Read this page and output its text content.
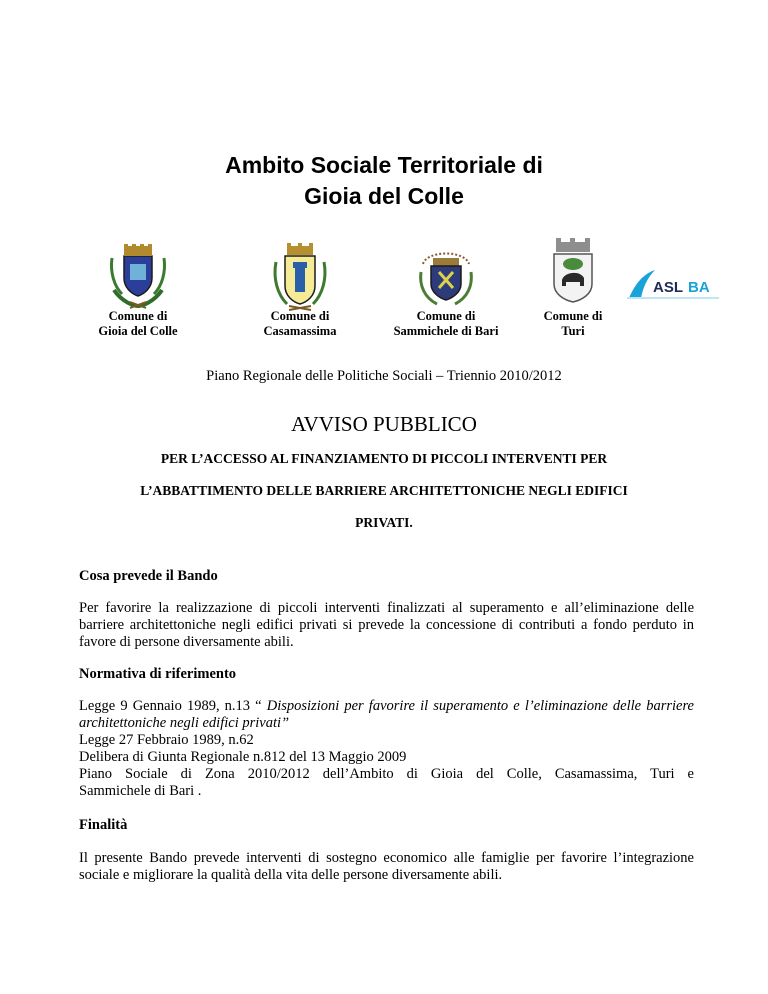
Ambito Sociale Territoriale di
Gioia del Colle
Comune di
Gioia del Colle
Comune di
Casamassima
Comune di
Sammichele di Bari
Comune di
Turi
ASL BA
Piano Regionale delle Politiche Sociali – Triennio 2010/2012
AVVISO PUBBLICO

PER L’ACCESSO AL FINANZIAMENTO DI PICCOLI INTERVENTI PER

L’ABBATTIMENTO DELLE BARRIERE ARCHITETTONICHE NEGLI EDIFICI

PRIVATI.

Cosa prevede il Bando
Per favorire la realizzazione di piccoli interventi finalizzati al superamento e all’eliminazione delle barriere architettoniche negli edifici privati si prevede la concessione di contributi a fondo perduto in favore di persone diversamente abili.
Normativa di riferimento
Legge 9 Gennaio 1989, n.13 “ Disposizioni per favorire il superamento e l’eliminazione delle barriere architettoniche negli edifici privati”
Legge 27 Febbraio 1989, n.62
Delibera di Giunta Regionale n.812 del 13 Maggio 2009
Piano Sociale di Zona 2010/2012 dell’Ambito di Gioia del Colle, Casamassima, Turi e
Sammichele di Bari .
Finalità
Il presente Bando prevede interventi di sostegno economico alle famiglie per favorire l’integrazione sociale e migliorare la qualità della vita delle persone diversamente abili.
